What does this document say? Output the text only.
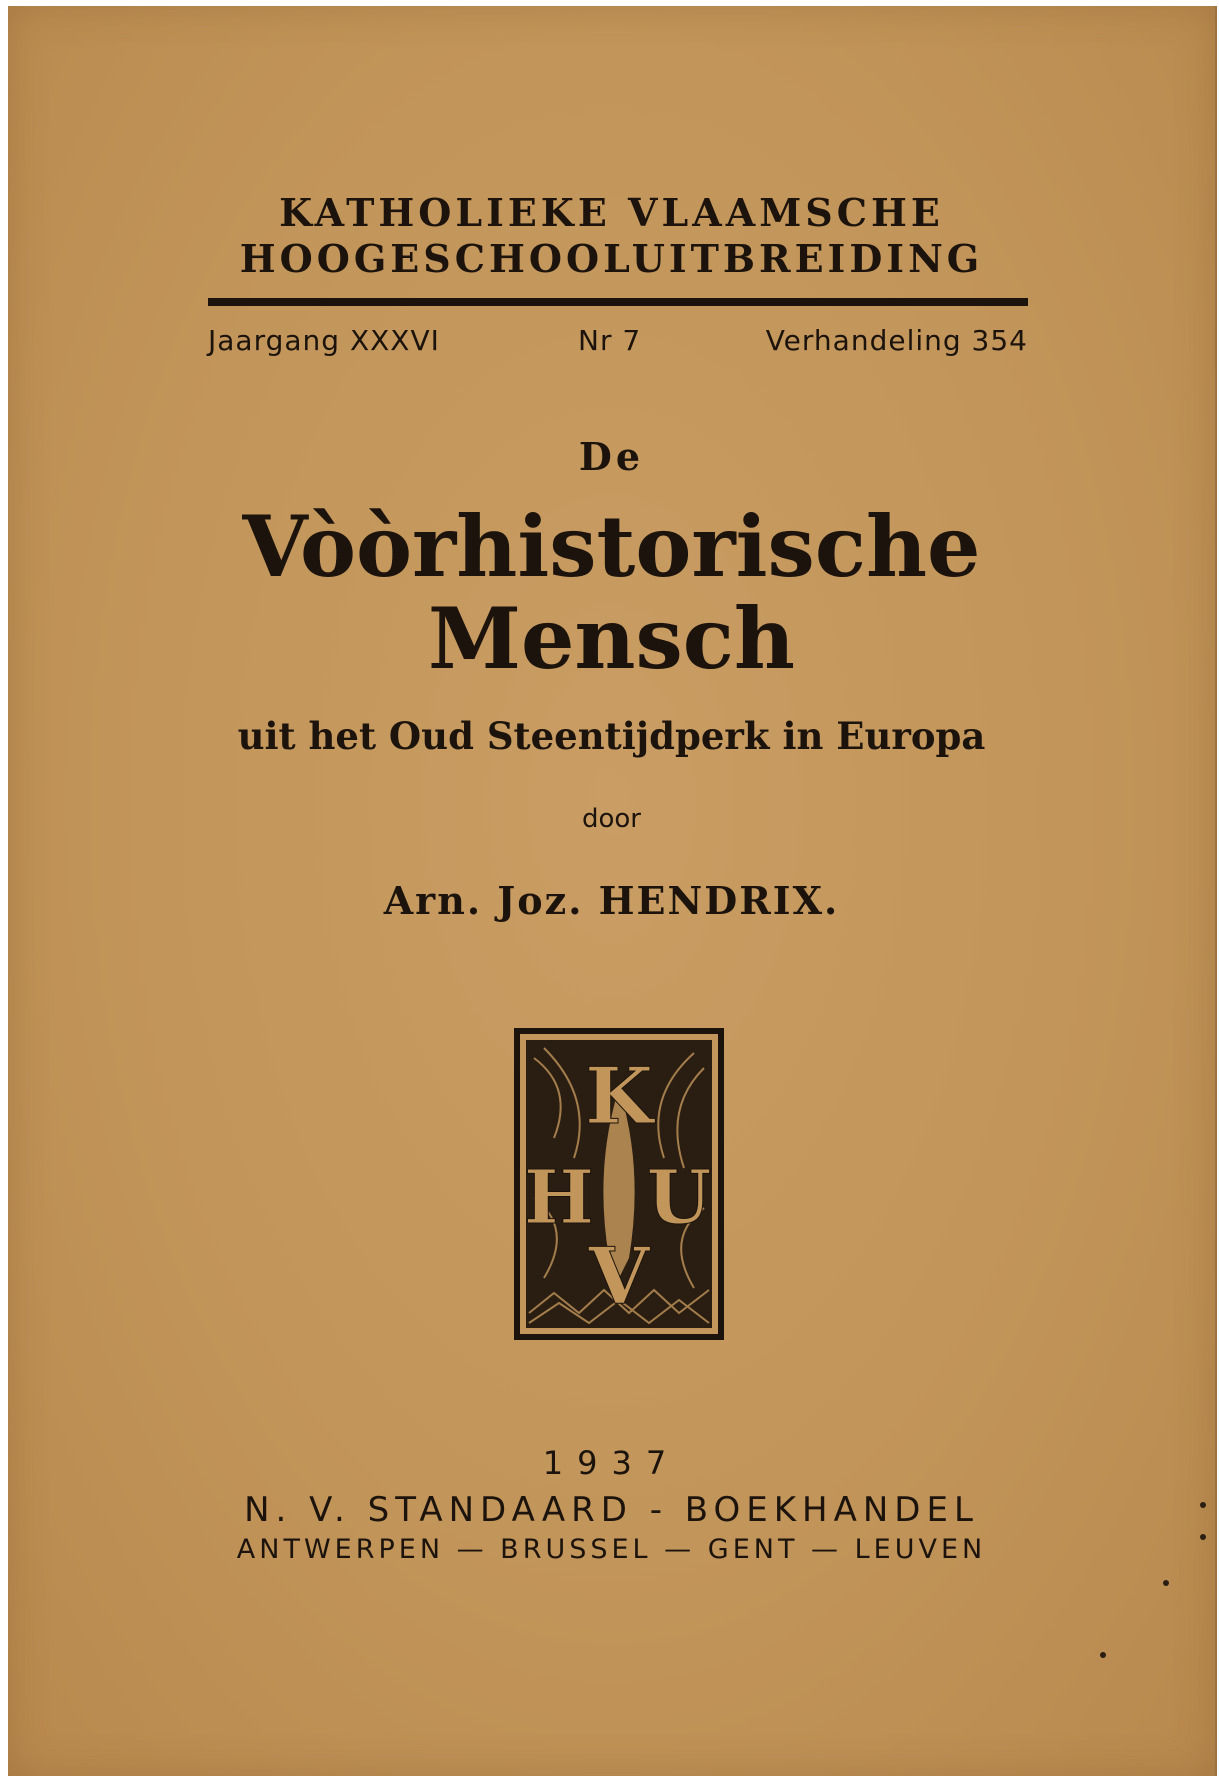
KATHOLIEKE VLAAMSCHE
HOOGESCHOOLUITBREIDING
Jaargang XXXVI	Nr 7	Verhandeling 354
De
Vòòrhistorische
Mensch
uit het Oud Steentijdperk in Europa
door
Arn. Joz. HENDRIX.
K
H U
V
1937
N. V. STANDAARD - BOEKHANDEL
ANTWERPEN — BRUSSEL — GENT — LEUVEN
